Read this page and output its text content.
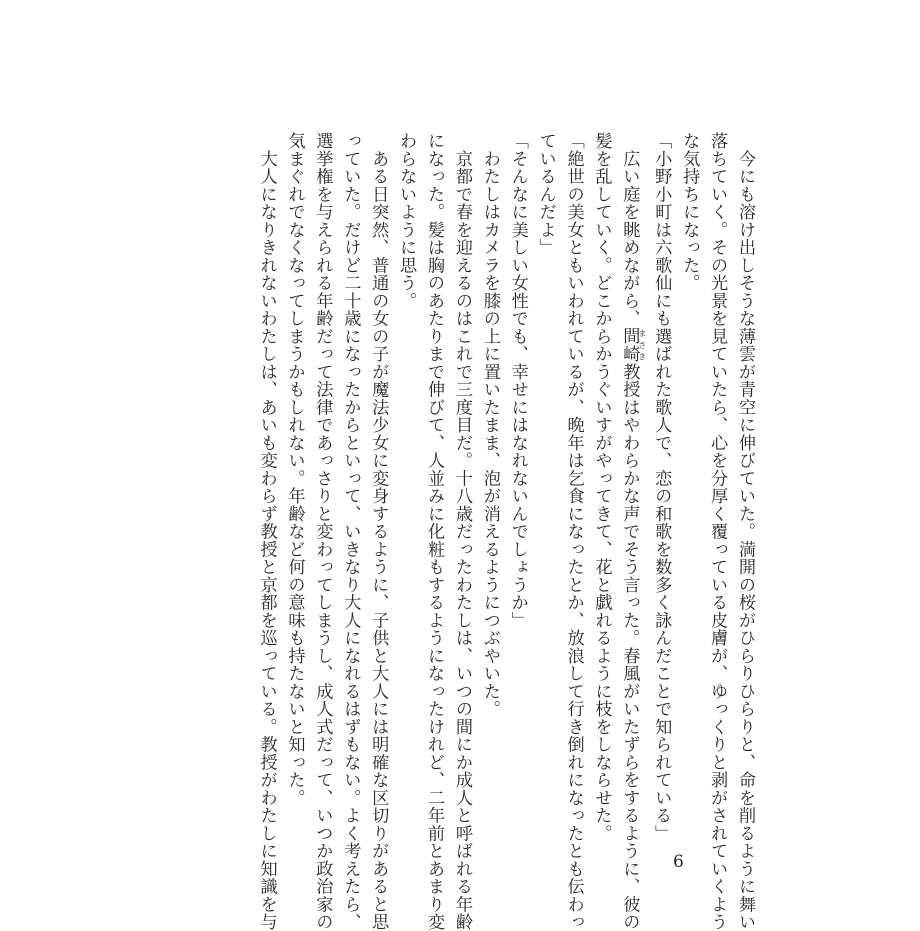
　今にも溶け出しそうな薄雲が青空に伸びていた。満開の桜がひらりひらりと、命を削るように舞い
落ちていく。その光景を見ていたら、心を分厚く覆っている皮膚が、ゆっくりと剥がされていくよう
な気持ちになった。
「小野小町は六歌仙にも選ばれた歌人で、恋の和歌を数多く詠んだことで知られている」
　広い庭を眺めながら、間崎まさき教授はやわらかな声でそう言った。春風がいたずらをするように、彼の
髪を乱していく。どこからかうぐいすがやってきて、花と戯れるように枝をしならせた。
「絶世の美女ともいわれているが、晩年は乞食になったとか、放浪して行き倒れになったとも伝わっ
ているんだよ」
「そんなに美しい女性でも、幸せにはなれないんでしょうか」
　わたしはカメラを膝の上に置いたまま、泡が消えるようにつぶやいた。
　京都で春を迎えるのはこれで三度目だ。十八歳だったわたしは、いつの間にか成人と呼ばれる年齢
になった。髪は胸のあたりまで伸びて、人並みに化粧もするようになったけれど、二年前とあまり変
わらないように思う。
　ある日突然、普通の女の子が魔法少女に変身するように、子供と大人には明確な区切りがあると思
っていた。だけど二十歳になったからといって、いきなり大人になれるはずもない。よく考えたら、
選挙権を与えられる年齢だって法律であっさりと変わってしまうし、成人式だって、いつか政治家の
気まぐれでなくなってしまうかもしれない。年齢など何の意味も持たないと知った。
　大人になりきれないわたしは、あいも変わらず教授と京都を巡っている。教授がわたしに知識を与	6
